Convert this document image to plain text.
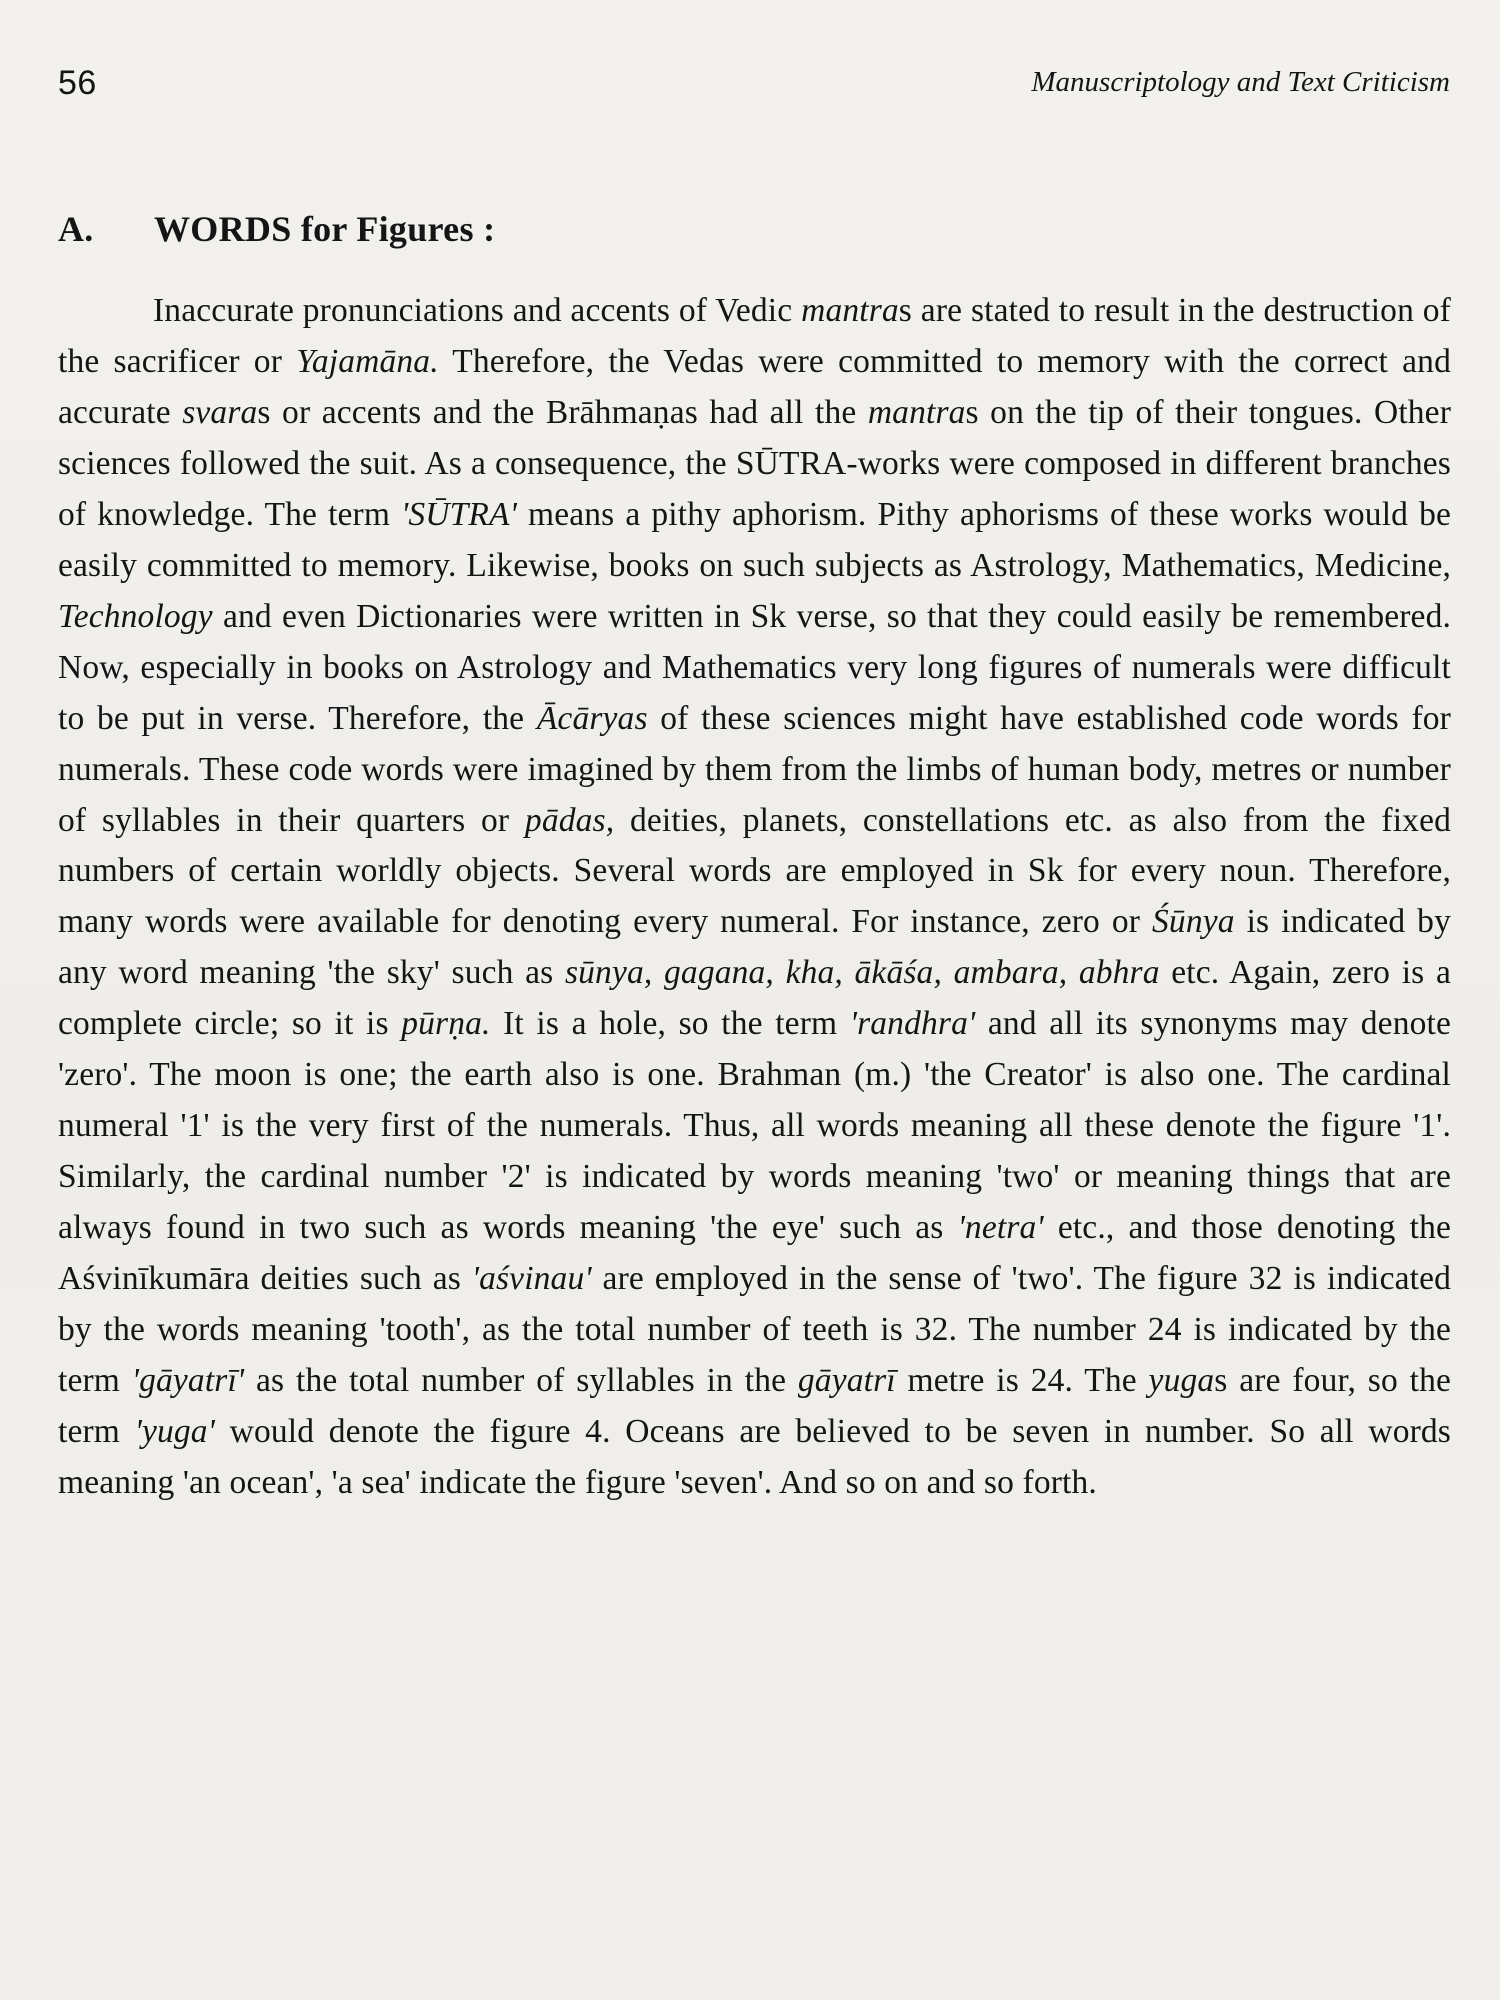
56	Manuscriptology and Text Criticism
A. WORDS for Figures :

Inaccurate pronunciations and accents of Vedic mantras are stated to result in the destruction of the sacrificer or Yajamāna. Therefore, the Vedas were committed to memory with the correct and accurate svaras or accents and the Brāhmaṇas had all the mantras on the tip of their tongues. Other sciences followed the suit. As a consequence, the SŪTRA-works were composed in different branches of knowledge. The term 'SŪTRA' means a pithy aphorism. Pithy aphorisms of these works would be easily committed to memory. Likewise, books on such subjects as Astrology, Mathematics, Medicine, Technology and even Dictionaries were written in Sk verse, so that they could easily be remembered. Now, especially in books on Astrology and Mathematics very long figures of numerals were difficult to be put in verse. Therefore, the Ācāryas of these sciences might have established code words for numerals. These code words were imagined by them from the limbs of human body, metres or number of syllables in their quarters or pādas, deities, planets, constellations etc. as also from the fixed numbers of certain worldly objects. Several words are employed in Sk for every noun. Therefore, many words were available for denoting every numeral. For instance, zero or Śūnya is indicated by any word meaning 'the sky' such as sūnya, gagana, kha, ākāśa, ambara, abhra etc. Again, zero is a complete circle; so it is pūrṇa. It is a hole, so the term 'randhra' and all its synonyms may denote 'zero'. The moon is one; the earth also is one. Brahman (m.) 'the Creator' is also one. The cardinal numeral '1' is the very first of the numerals. Thus, all words meaning all these denote the figure '1'. Similarly, the cardinal number '2' is indicated by words meaning 'two' or meaning things that are always found in two such as words meaning 'the eye' such as 'netra' etc., and those denoting the Aśvinīkumāra deities such as 'aśvinau' are employed in the sense of 'two'. The figure 32 is indicated by the words meaning 'tooth', as the total number of teeth is 32. The number 24 is indicated by the term 'gāyatrī' as the total number of syllables in the gāyatrī metre is 24. The yugas are four, so the term 'yuga' would denote the figure 4. Oceans are believed to be seven in number. So all words meaning 'an ocean', 'a sea' indicate the figure 'seven'. And so on and so forth.
